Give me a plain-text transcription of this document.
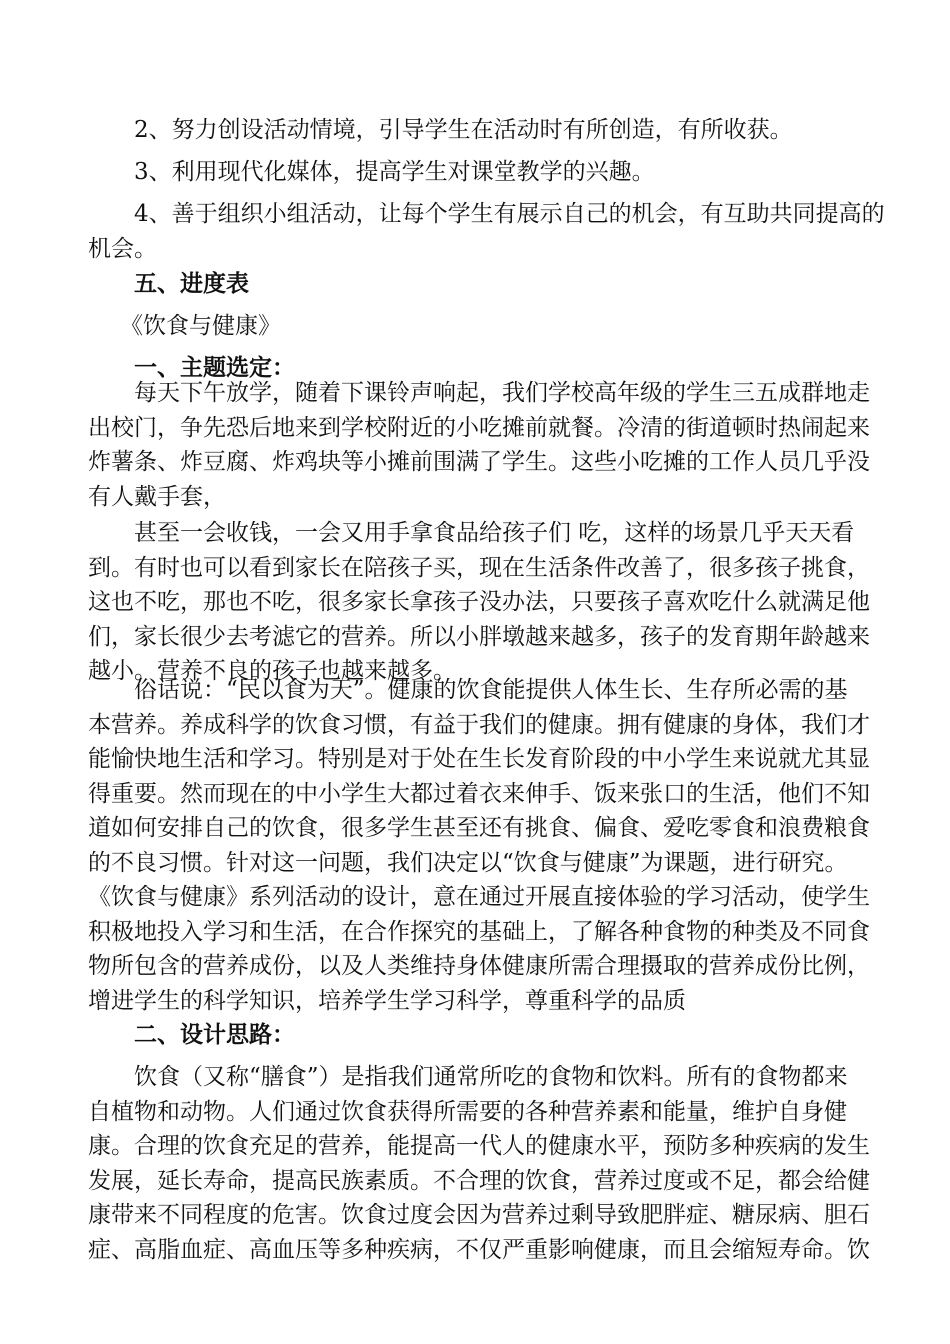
2、努力创设活动情境，引导学生在活动时有所创造，有所收获。

3、利用现代化媒体，提高学生对课堂教学的兴趣。

4、善于组织小组活动，让每个学生有展示自己的机会，有互助共同提高的
机会。

五、进度表

《饮食与健康》

一、主题选定：

每天下午放学，随着下课铃声响起，我们学校高年级的学生三五成群地走
出校门，争先恐后地来到学校附近的小吃摊前就餐。冷清的街道顿时热闹起来
炸薯条、炸豆腐、炸鸡块等小摊前围满了学生。这些小吃摊的工作人员几乎没
有人戴手套，

甚至一会收钱，一会又用手拿食品给孩子们 吃，这样的场景几乎天天看
到。有时也可以看到家长在陪孩子买，现在生活条件改善了，很多孩子挑食，
这也不吃，那也不吃，很多家长拿孩子没办法，只要孩子喜欢吃什么就满足他
们，家长很少去考滤它的营养。所以小胖墩越来越多，孩子的发育期年龄越来
越小。营养不良的孩子也越来越多。

俗话说：“民以食为天”。健康的饮食能提供人体生长、生存所必需的基
本营养。养成科学的饮食习惯，有益于我们的健康。拥有健康的身体，我们才
能愉快地生活和学习。特别是对于处在生长发育阶段的中小学生来说就尤其显
得重要。然而现在的中小学生大都过着衣来伸手、饭来张口的生活，他们不知
道如何安排自己的饮食，很多学生甚至还有挑食、偏食、爱吃零食和浪费粮食
的不良习惯。针对这一问题，我们决定以“饮食与健康”为课题，进行研究。
《饮食与健康》系列活动的设计，意在通过开展直接体验的学习活动，使学生
积极地投入学习和生活，在合作探究的基础上，了解各种食物的种类及不同食
物所包含的营养成份，以及人类维持身体健康所需合理摄取的营养成份比例，
增进学生的科学知识，培养学生学习科学，尊重科学的品质

二、设计思路：

饮食（又称“膳食”）是指我们通常所吃的食物和饮料。所有的食物都来
自植物和动物。人们通过饮食获得所需要的各种营养素和能量，维护自身健
康。合理的饮食充足的营养，能提高一代人的健康水平，预防多种疾病的发生
发展，延长寿命，提高民族素质。不合理的饮食，营养过度或不足，都会给健
康带来不同程度的危害。饮食过度会因为营养过剩导致肥胖症、糖尿病、胆石
症、高脂血症、高血压等多种疾病，不仅严重影响健康，而且会缩短寿命。饮
